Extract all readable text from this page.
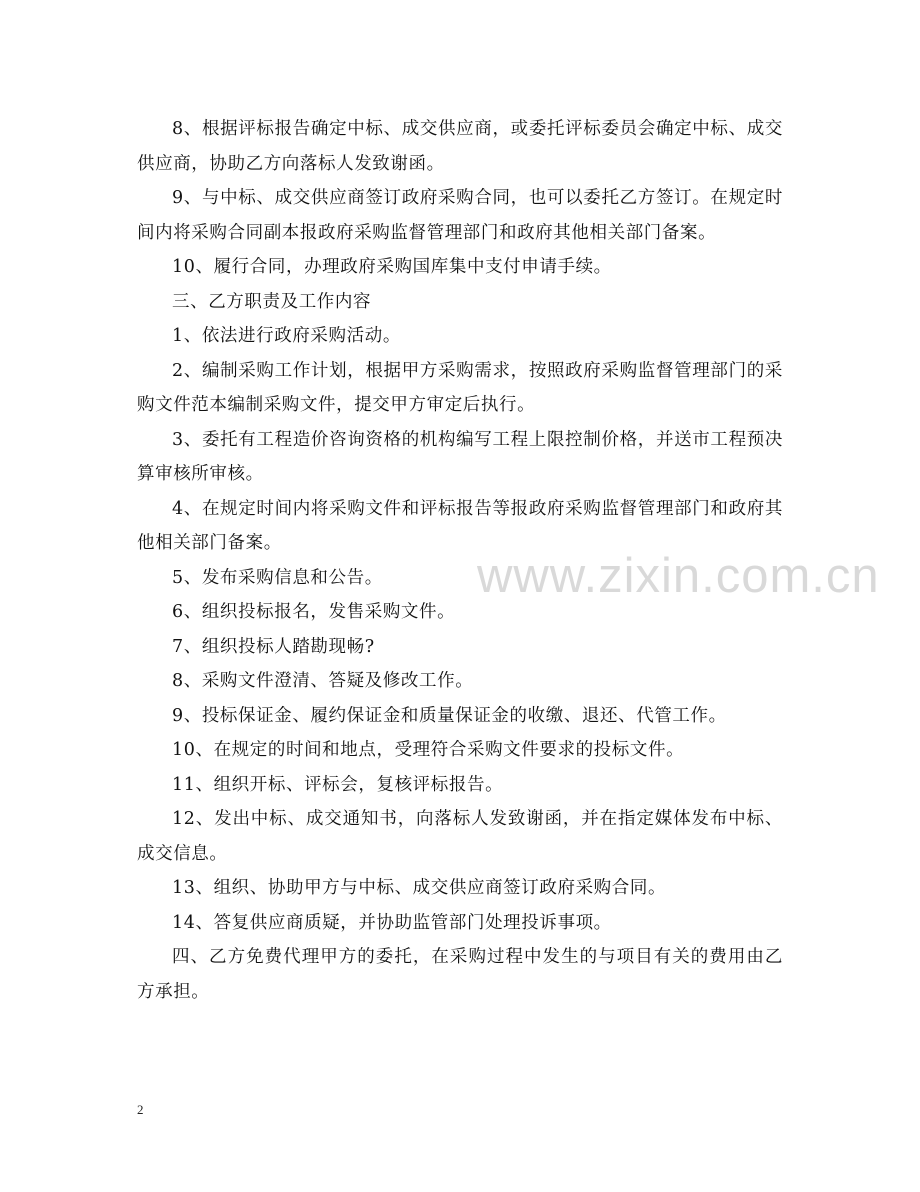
www.zixin.com.cn

8、根据评标报告确定中标、成交供应商，或委托评标委员会确定中标、成交供应商，协助乙方向落标人发致谢函。

9、与中标、成交供应商签订政府采购合同，也可以委托乙方签订。在规定时间内将采购合同副本报政府采购监督管理部门和政府其他相关部门备案。

10、履行合同，办理政府采购国库集中支付申请手续。

三、乙方职责及工作内容

1、依法进行政府采购活动。

2、编制采购工作计划，根据甲方采购需求，按照政府采购监督管理部门的采购文件范本编制采购文件，提交甲方审定后执行。

3、委托有工程造价咨询资格的机构编写工程上限控制价格，并送市工程预决算审核所审核。

4、在规定时间内将采购文件和评标报告等报政府采购监督管理部门和政府其他相关部门备案。

5、发布采购信息和公告。

6、组织投标报名，发售采购文件。

7、组织投标人踏勘现畅?

8、采购文件澄清、答疑及修改工作。

9、投标保证金、履约保证金和质量保证金的收缴、退还、代管工作。

10、在规定的时间和地点，受理符合采购文件要求的投标文件。

11、组织开标、评标会，复核评标报告。

12、发出中标、成交通知书，向落标人发致谢函，并在指定媒体发布中标、成交信息。

13、组织、协助甲方与中标、成交供应商签订政府采购合同。

14、答复供应商质疑，并协助监管部门处理投诉事项。

四、乙方免费代理甲方的委托，在采购过程中发生的与项目有关的费用由乙方承担。

2
